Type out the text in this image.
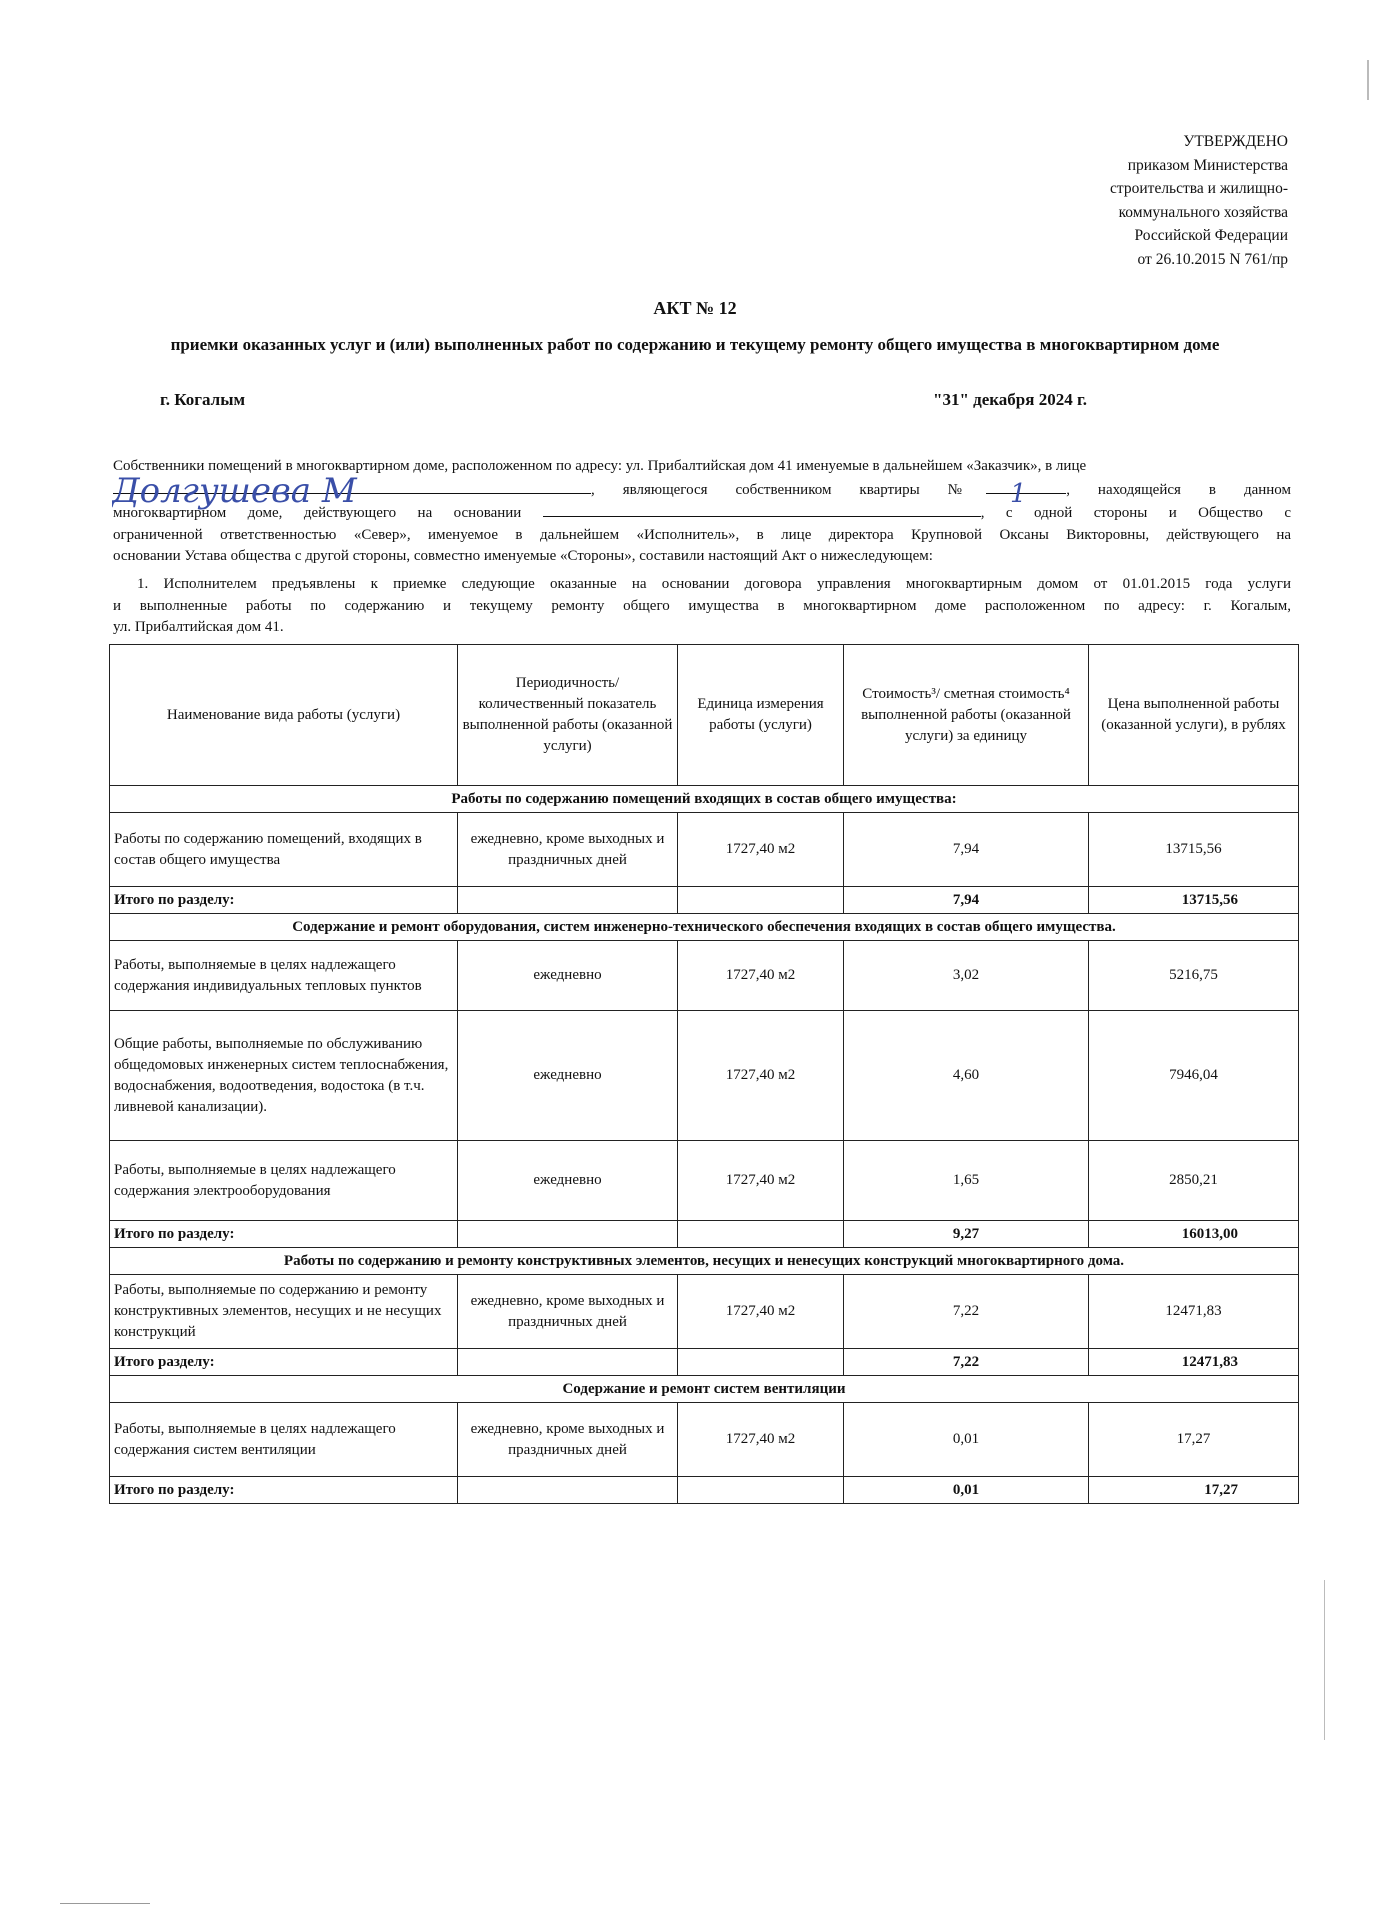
УТВЕРЖДЕНО
приказом Министерства
строительства и жилищно-
коммунального хозяйства
Российской Федерации
от 26.10.2015 N 761/пр
АКТ № 12
приемки оказанных услуг и (или) выполненных работ по содержанию и текущему ремонту общего имущества в многоквартирном доме
г. Когалым	"31" декабря 2024 г.
Собственники помещений в многоквартирном доме, расположенном по адресу: ул. Прибалтийская дом 41 именуемые в дальнейшем «Заказчик», в лице
, являющегося собственником квартиры №	, находящейся в данном
многоквартирном доме, действующего на основании	, с одной стороны и Общество с
ограниченной ответственностью «Север», именуемое в дальнейшем «Исполнитель», в лице директора Крупновой Оксаны Викторовны, действующего на
основании Устава общества с другой стороны, совместно именуемые «Стороны», составили настоящий Акт о нижеследующем:
1. Исполнителем предъявлены к приемке следующие оказанные на основании договора управления многоквартирным домом от 01.01.2015 года услуги
и выполненные работы по содержанию и текущему ремонту общего имущества в многоквартирном доме расположенном по адресу: г. Когалым,
ул. Прибалтийская дом 41.
Долгушева М	1
Наименование вида работы (услуги)	Периодичность/ количественный показатель выполненной работы (оказанной услуги)	Единица измерения работы (услуги)	Стоимость³/ сметная стоимость⁴ выполненной работы (оказанной услуги) за единицу	Цена выполненной работы (оказанной услуги), в рублях
Работы по содержанию помещений входящих в состав общего имущества:				
Работы по содержанию помещений, входящих в состав общего имущества	ежедневно, кроме выходных и праздничных дней	1727,40 м2	7,94	13715,56
Итого по разделу:			7,94	13715,56
Содержание и ремонт оборудования, систем инженерно-технического обеспечения входящих в состав общего имущества.				
Работы, выполняемые в целях надлежащего содержания индивидуальных тепловых пунктов	ежедневно	1727,40 м2	3,02	5216,75
Общие работы, выполняемые по обслуживанию общедомовых инженерных систем теплоснабжения, водоснабжения, водоотведения, водостока (в т.ч. ливневой канализации).	ежедневно	1727,40 м2	4,60	7946,04
Работы, выполняемые в целях надлежащего содержания электрооборудования	ежедневно	1727,40 м2	1,65	2850,21
Итого по разделу:			9,27	16013,00
Работы по содержанию и ремонту конструктивных элементов, несущих и ненесущих конструкций многоквартирного дома.				
Работы, выполняемые по содержанию и ремонту конструктивных элементов, несущих и не несущих конструкций	ежедневно, кроме выходных и праздничных дней	1727,40 м2	7,22	12471,83
Итого разделу:			7,22	12471,83
Содержание и ремонт систем вентиляции				
Работы, выполняемые в целях надлежащего содержания систем вентиляции	ежедневно, кроме выходных и праздничных дней	1727,40 м2	0,01	17,27
Итого по разделу:			0,01	17,27
